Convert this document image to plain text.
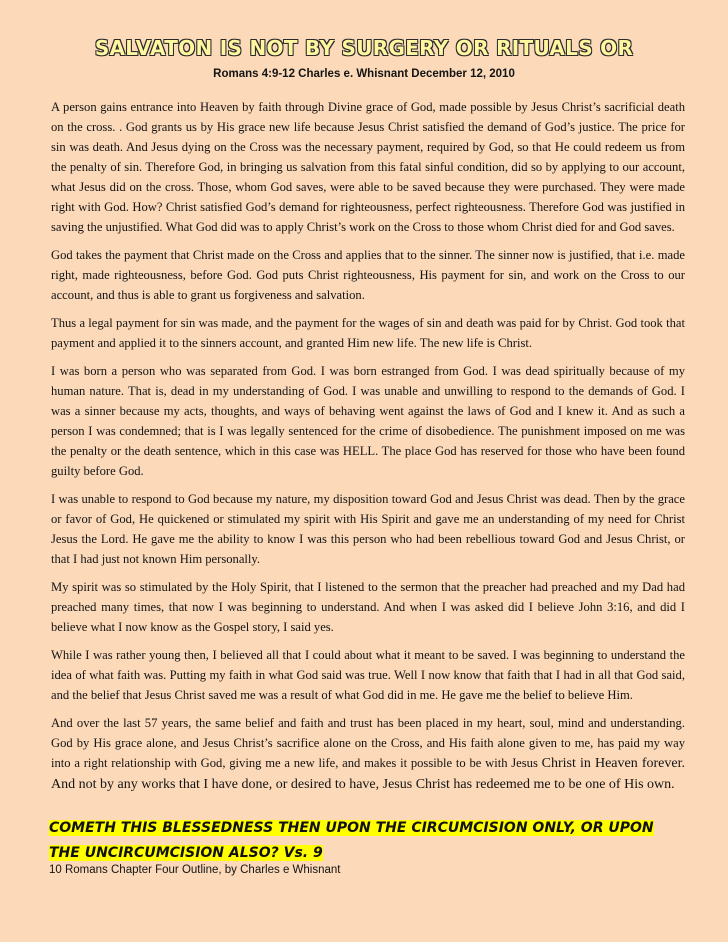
SALVATON IS NOT BY SURGERY OR RITUALS OR
Romans 4:9-12 Charles e. Whisnant December 12, 2010

A person gains entrance into Heaven by faith through Divine grace of God, made possible by Jesus Christ’s sacrificial death on the cross. . God grants us by His grace new life because Jesus Christ satisfied the demand of God’s justice. The price for sin was death. And Jesus dying on the Cross was the necessary payment, required by God, so that He could redeem us from the penalty of sin. Therefore God, in bringing us salvation from this fatal sinful condition, did so by applying to our account, what Jesus did on the cross. Those, whom God saves, were able to be saved because they were purchased. They were made right with God. How? Christ satisfied God’s demand for righteousness, perfect righteousness. Therefore God was justified in saving the unjustified. What God did was to apply Christ’s work on the Cross to those whom Christ died for and God saves.

God takes the payment that Christ made on the Cross and applies that to the sinner. The sinner now is justified, that i.e. made right, made righteousness, before God. God puts Christ righteousness, His payment for sin, and work on the Cross to our account, and thus is able to grant us forgiveness and salvation.

Thus a legal payment for sin was made, and the payment for the wages of sin and death was paid for by Christ. God took that payment and applied it to the sinners account, and granted Him new life. The new life is Christ.

I was born a person who was separated from God. I was born estranged from God. I was dead spiritually because of my human nature. That is, dead in my understanding of God. I was unable and unwilling to respond to the demands of God. I was a sinner because my acts, thoughts, and ways of behaving went against the laws of God and I knew it. And as such a person I was condemned; that is I was legally sentenced for the crime of disobedience. The punishment imposed on me was the penalty or the death sentence, which in this case was HELL. The place God has reserved for those who have been found guilty before God.

I was unable to respond to God because my nature, my disposition toward God and Jesus Christ was dead. Then by the grace or favor of God, He quickened or stimulated my spirit with His Spirit and gave me an understanding of my need for Christ Jesus the Lord. He gave me the ability to know I was this person who had been rebellious toward God and Jesus Christ, or that I had just not known Him personally.

My spirit was so stimulated by the Holy Spirit, that I listened to the sermon that the preacher had preached and my Dad had preached many times, that now I was beginning to understand. And when I was asked did I believe John 3:16, and did I believe what I now know as the Gospel story, I said yes.

While I was rather young then, I believed all that I could about what it meant to be saved. I was beginning to understand the idea of what faith was. Putting my faith in what God said was true. Well I now know that faith that I had in all that God said, and the belief that Jesus Christ saved me was a result of what God did in me. He gave me the belief to believe Him.

And over the last 57 years, the same belief and faith and trust has been placed in my heart, soul, mind and understanding. God by His grace alone, and Jesus Christ’s sacrifice alone on the Cross, and His faith alone given to me, has paid my way into a right relationship with God, giving me a new life, and makes it possible to be with Jesus Christ in Heaven forever. And not by any works that I have done, or desired to have, Jesus Christ has redeemed me to be one of His own.

COMETH THIS BLESSEDNESS THEN UPON THE CIRCUMCISION ONLY, OR UPON THE UNCIRCUMCISION ALSO? Vs. 9
10 Romans Chapter Four Outline, by Charles e Whisnant
